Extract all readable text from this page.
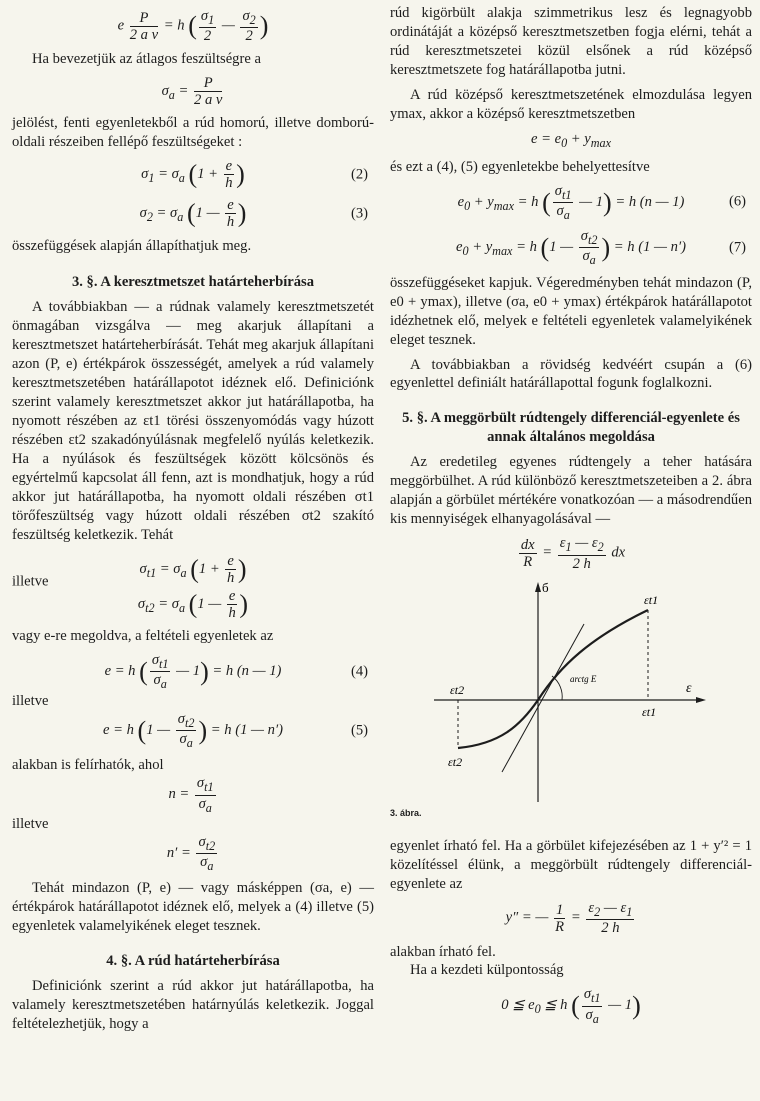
e $\frac{P}{\text{2 a v}} = h$ ( $\frac{\sigma_1}{2}$ — $\frac{\sigma_2}{2}$ )

Ha bevezetjük az átlagos feszültségre a

$\sigma_a = \frac{P}{\text{2 a v}}$

jelölést, fenti egyenletekből a rúd homorú, illetve domború-oldali részeiben fellépő feszültségeket :

$\sigma_1 = \sigma_a$ ($1 + \frac{e}{h}$ )	(2)
$\sigma_2 = \sigma_a$ (1 — $\frac{e}{h}$ )	(3)

összefüggések alapján állapíthatjuk meg.

3. §. A keresztmetszet határteherbírása

A továbbiakban — a rúdnak valamely keresztmetszetét önmagában vizsgálva — meg akarjuk állapítani a keresztmetszet határteherbírását. Tehát meg akarjuk állapítani azon (P, e) értékpárok összességét, amelyek a rúd valamely keresztmetszetében határállapotot idéznek elő. Definiciónk szerint valamely keresztmetszet akkor jut határállapotba, ha nyomott részében az εt1 törési összenyomódás vagy húzott részében εt2 szakadónyúlásnak megfelelő nyúlás keletkezik. Ha a nyúlások és feszültségek között kölcsönös és egyértelmű kapcsolat áll fenn, azt is mondhatjuk, hogy a rúd akkor jut határállapotba, ha nyomott oldali részében σt1 törőfeszültség vagy húzott oldali részében σt2 szakító feszültség keletkezik. Tehát

$\sigma_{t1} = \sigma_a$ ($1 + \frac{e}{h}$ )
illetve
$\sigma_{t2} = \sigma_a$ (1 — $\frac{e}{h}$ )

vagy e-re megoldva, a feltételi egyenletek az

e = h ( $\frac{\sigma_{t1}}{\sigma_a}$ — 1) = h (n — 1)	(4)

illetve

e = h (1 — $\frac{\sigma_{t2}}{\sigma_a}$ ) = h (1 — n′)	(5)

alakban is felírhatók, ahol

$n = \frac{\sigma_{t1}}{\sigma_a}$

illetve

$n' = \frac{\sigma_{t2}}{\sigma_a}$

Tehát mindazon (P, e) — vagy másképpen (σa, e) — értékpárok határállapotot idéznek elő, melyek a (4) illetve (5) egyenletek valamelyikének eleget tesznek.

4. §. A rúd határteherbírása

Definiciónk szerint a rúd akkor jut határállapotba, ha valamely keresztmetszetében határnyúlás keletkezik. Joggal feltételezhetjük, hogy a

rúd kigörbült alakja szimmetrikus lesz és legnagyobb ordinátáját a középső keresztmetszetben fogja elérni, tehát a rúd keresztmetszetei közül elsőnek a rúd középső keresztmetszete fog határállapotba jutni.

A rúd középső keresztmetszetének elmozdulása legyen ymax, akkor a középső keresztmetszetben

$e = e_0 + y_{max}$

és ezt a (4), (5) egyenletekbe behelyettesítve

$e_0 + y_{max} = h$ ( $\frac{\sigma_{t1}}{\sigma_a}$ — 1) = h (n — 1)	(6)
$e_0 + y_{max} = h$ (1 — $\frac{\sigma_{t2}}{\sigma_a}$ ) = h (1 — n′)	(7)

összefüggéseket kapjuk. Végeredményben tehát mindazon (P, e0 + ymax), illetve (σa, e0 + ymax) értékpárok határállapotot idézhetnek elő, melyek e feltételi egyenletek valamelyikének eleget tesznek.

A továbbiakban a rövidség kedvéért csupán a (6) egyenlettel definiált határállapottal fogunk foglalkozni.

5. §. A meggörbült rúdtengely differenciál-egyenlete és annak általános megoldása

Az eredetileg egyenes rúdtengely a teher hatására meggörbülhet. A rúd különböző keresztmetszeteiben a 2. ábra alapján a görbület mértékére vonatkozóan — a másodrendűen kis mennyiségek elhanyagolásával —

$\frac{dx}{R} = \frac{\varepsilon_1 — \varepsilon_2}{2 h}$ dx
б
ε
εt1
εt1
εt2
εt2
arctg E

3. ábra.

egyenlet írható fel. Ha a görbület kifejezésében az 1 + y′² = 1 közelítéssel élünk, a meggörbült rúdtengely differenciál-egyenlete az

y″ = — $\frac{1}{R} = \frac{\varepsilon_2 — \varepsilon_1}{2 h}$

alakban írható fel.

Ha a kezdeti külpontosság

0 ≦ $e_0$ ≦ h ( $\frac{\sigma_{t1}}{\sigma_a}$ — 1)
